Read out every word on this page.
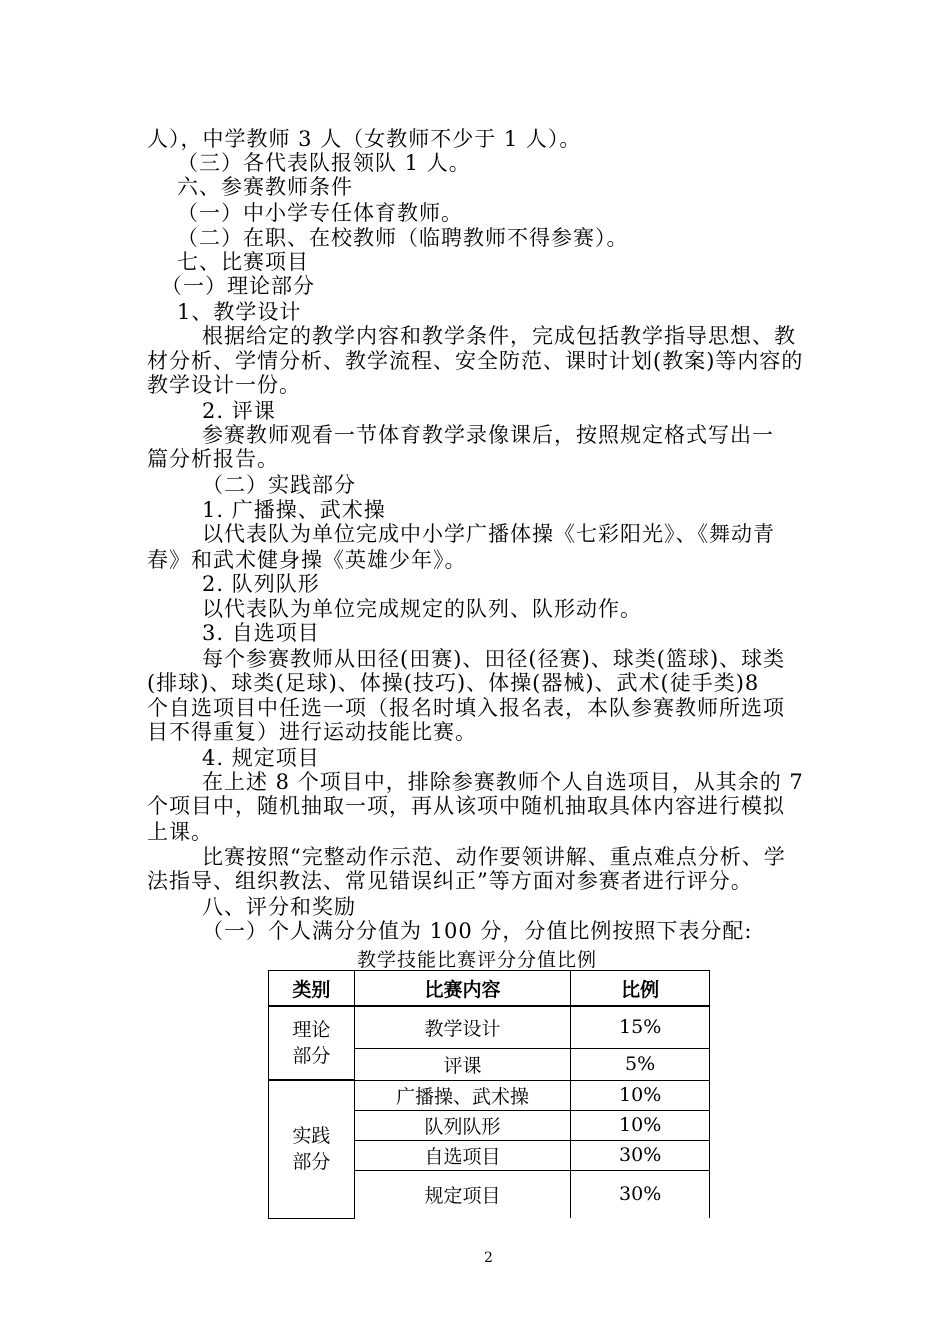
人），中学教师 3 人（女教师不少于 1 人）。
（三）各代表队报领队 1 人。
六、参赛教师条件
（一）中小学专任体育教师。
（二）在职、在校教师（临聘教师不得参赛）。
七、比赛项目
（一）理论部分
1、教学设计
根据给定的教学内容和教学条件，完成包括教学指导思想、教
材分析、学情分析、教学流程、安全防范、课时计划(教案)等内容的
教学设计一份。
2. 评课
参赛教师观看一节体育教学录像课后，按照规定格式写出一
篇分析报告。
（二）实践部分
1. 广播操、武术操
以代表队为单位完成中小学广播体操《七彩阳光》、《舞动青
春》和武术健身操《英雄少年》。
2. 队列队形
以代表队为单位完成规定的队列、队形动作。
3. 自选项目
每个参赛教师从田径(田赛)、田径(径赛)、球类(篮球)、球类
(排球)、球类(足球)、体操(技巧)、体操(器械)、武术(徒手类)8
个自选项目中任选一项（报名时填入报名表，本队参赛教师所选项
目不得重复）进行运动技能比赛。
4. 规定项目
在上述 8 个项目中，排除参赛教师个人自选项目，从其余的 7
个项目中，随机抽取一项，再从该项中随机抽取具体内容进行模拟
上课。
比赛按照“完整动作示范、动作要领讲解、重点难点分析、学
法指导、组织教法、常见错误纠正”等方面对参赛者进行评分。
八、评分和奖励
（一）个人满分分值为 100 分，分值比例按照下表分配:
教学技能比赛评分分值比例
类别	比赛内容	比例

理论
部分	教学设计	15%
	评课	5%

实践
部分	广播操、武术操	10%
	队列队形	10%
	自选项目	30%
	规定项目	30%
2
